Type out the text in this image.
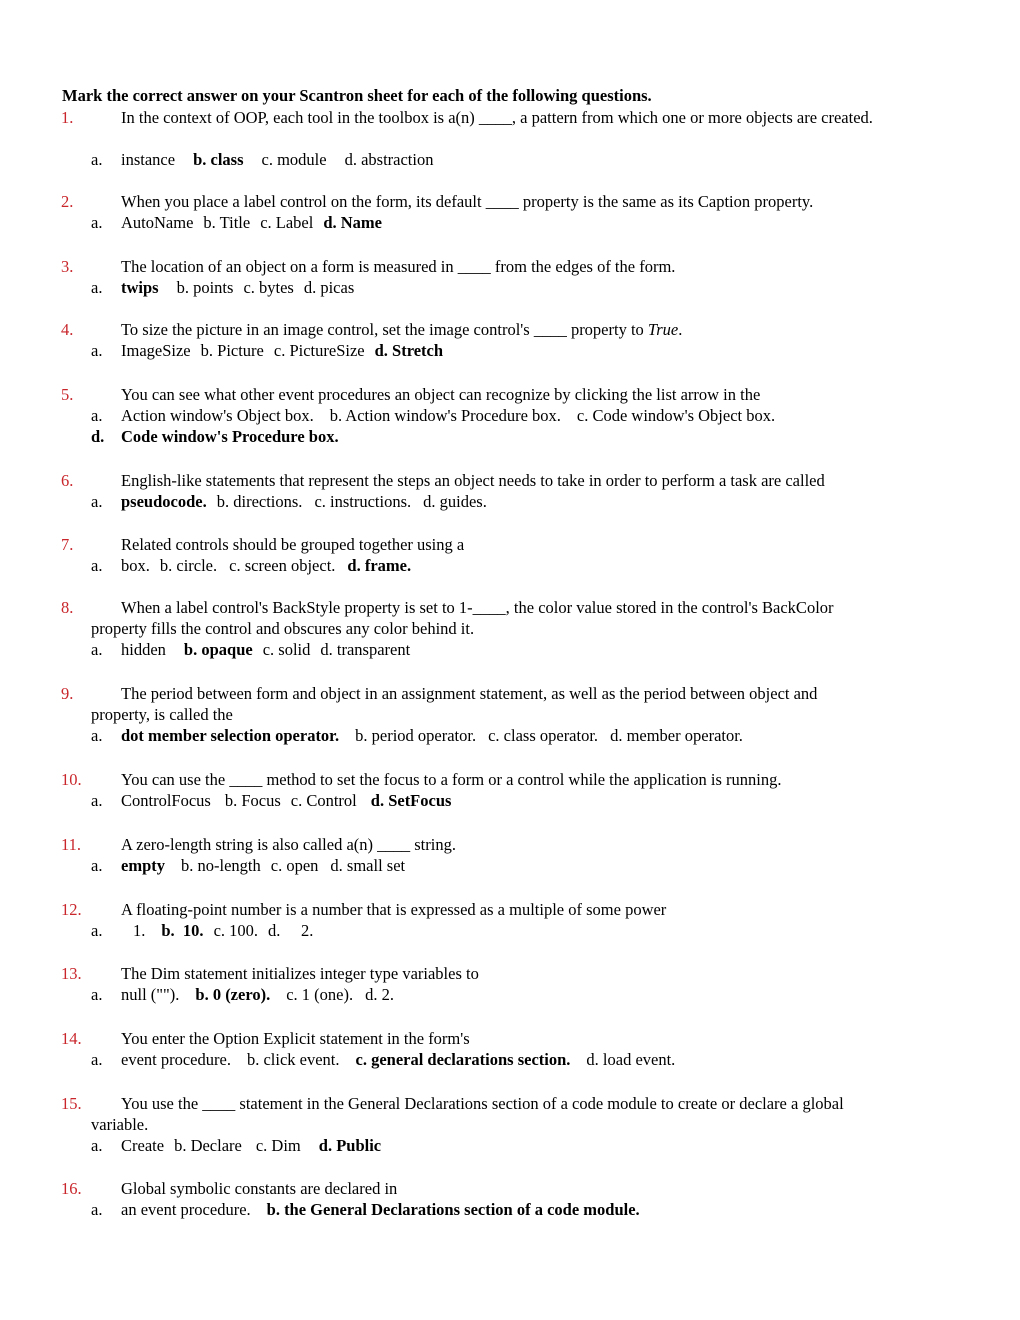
Mark the correct answer on your Scantron sheet for each of the following questions.
1.	In the context of OOP, each tool in the toolbox is a(n) ____, a pattern from which one or more objects are created.
a. instance b. class c. module d. abstraction
2.	When you place a label control on the form, its default ____ property is the same as its Caption property.
a. AutoName b. Title c. Label d. Name
3.	The location of an object on a form is measured in ____ from the edges of the form.
a. twips b. points c. bytes d. picas
4.	To size the picture in an image control, set the image control's ____ property to True.
a. ImageSize b. Picture c. PictureSize d. Stretch
5.	You can see what other event procedures an object can recognize by clicking the list arrow in the
a. Action window's Object box. b. Action window's Procedure box. c. Code window's Object box.
d. Code window's Procedure box.
6.	English-like statements that represent the steps an object needs to take in order to perform a task are called
a. pseudocode. b. directions. c. instructions. d. guides.
7.	Related controls should be grouped together using a
a. box. b. circle. c. screen object. d. frame.
8.	When a label control's BackStyle property is set to 1-____, the color value stored in the control's BackColor
property fills the control and obscures any color behind it.
a. hidden b. opaque c. solid d. transparent
9.	The period between form and object in an assignment statement, as well as the period between object and
property, is called the
a. dot member selection operator. b. period operator. c. class operator. d. member operator.
10. You can use the ____ method to set the focus to a form or a control while the application is running.
a. ControlFocus b. Focus c. Control d. SetFocus
11. A zero-length string is also called a(n) ____ string.
a. empty b. no-length c. open d. small set
12. A floating-point number is a number that is expressed as a multiple of some power
a.	1. b.  10. c. 100. d.     2.
13. The Dim statement initializes integer type variables to
a. null (""). b. 0 (zero). c. 1 (one). d. 2.
14. You enter the Option Explicit statement in the form's
a. event procedure. b. click event. c. general declarations section. d. load event.
15. You use the ____ statement in the General Declarations section of a code module to create or declare a global
variable.
a. Create b. Declare c. Dim d. Public
16. Global symbolic constants are declared in
a. an event procedure. b. the General Declarations section of a code module.
